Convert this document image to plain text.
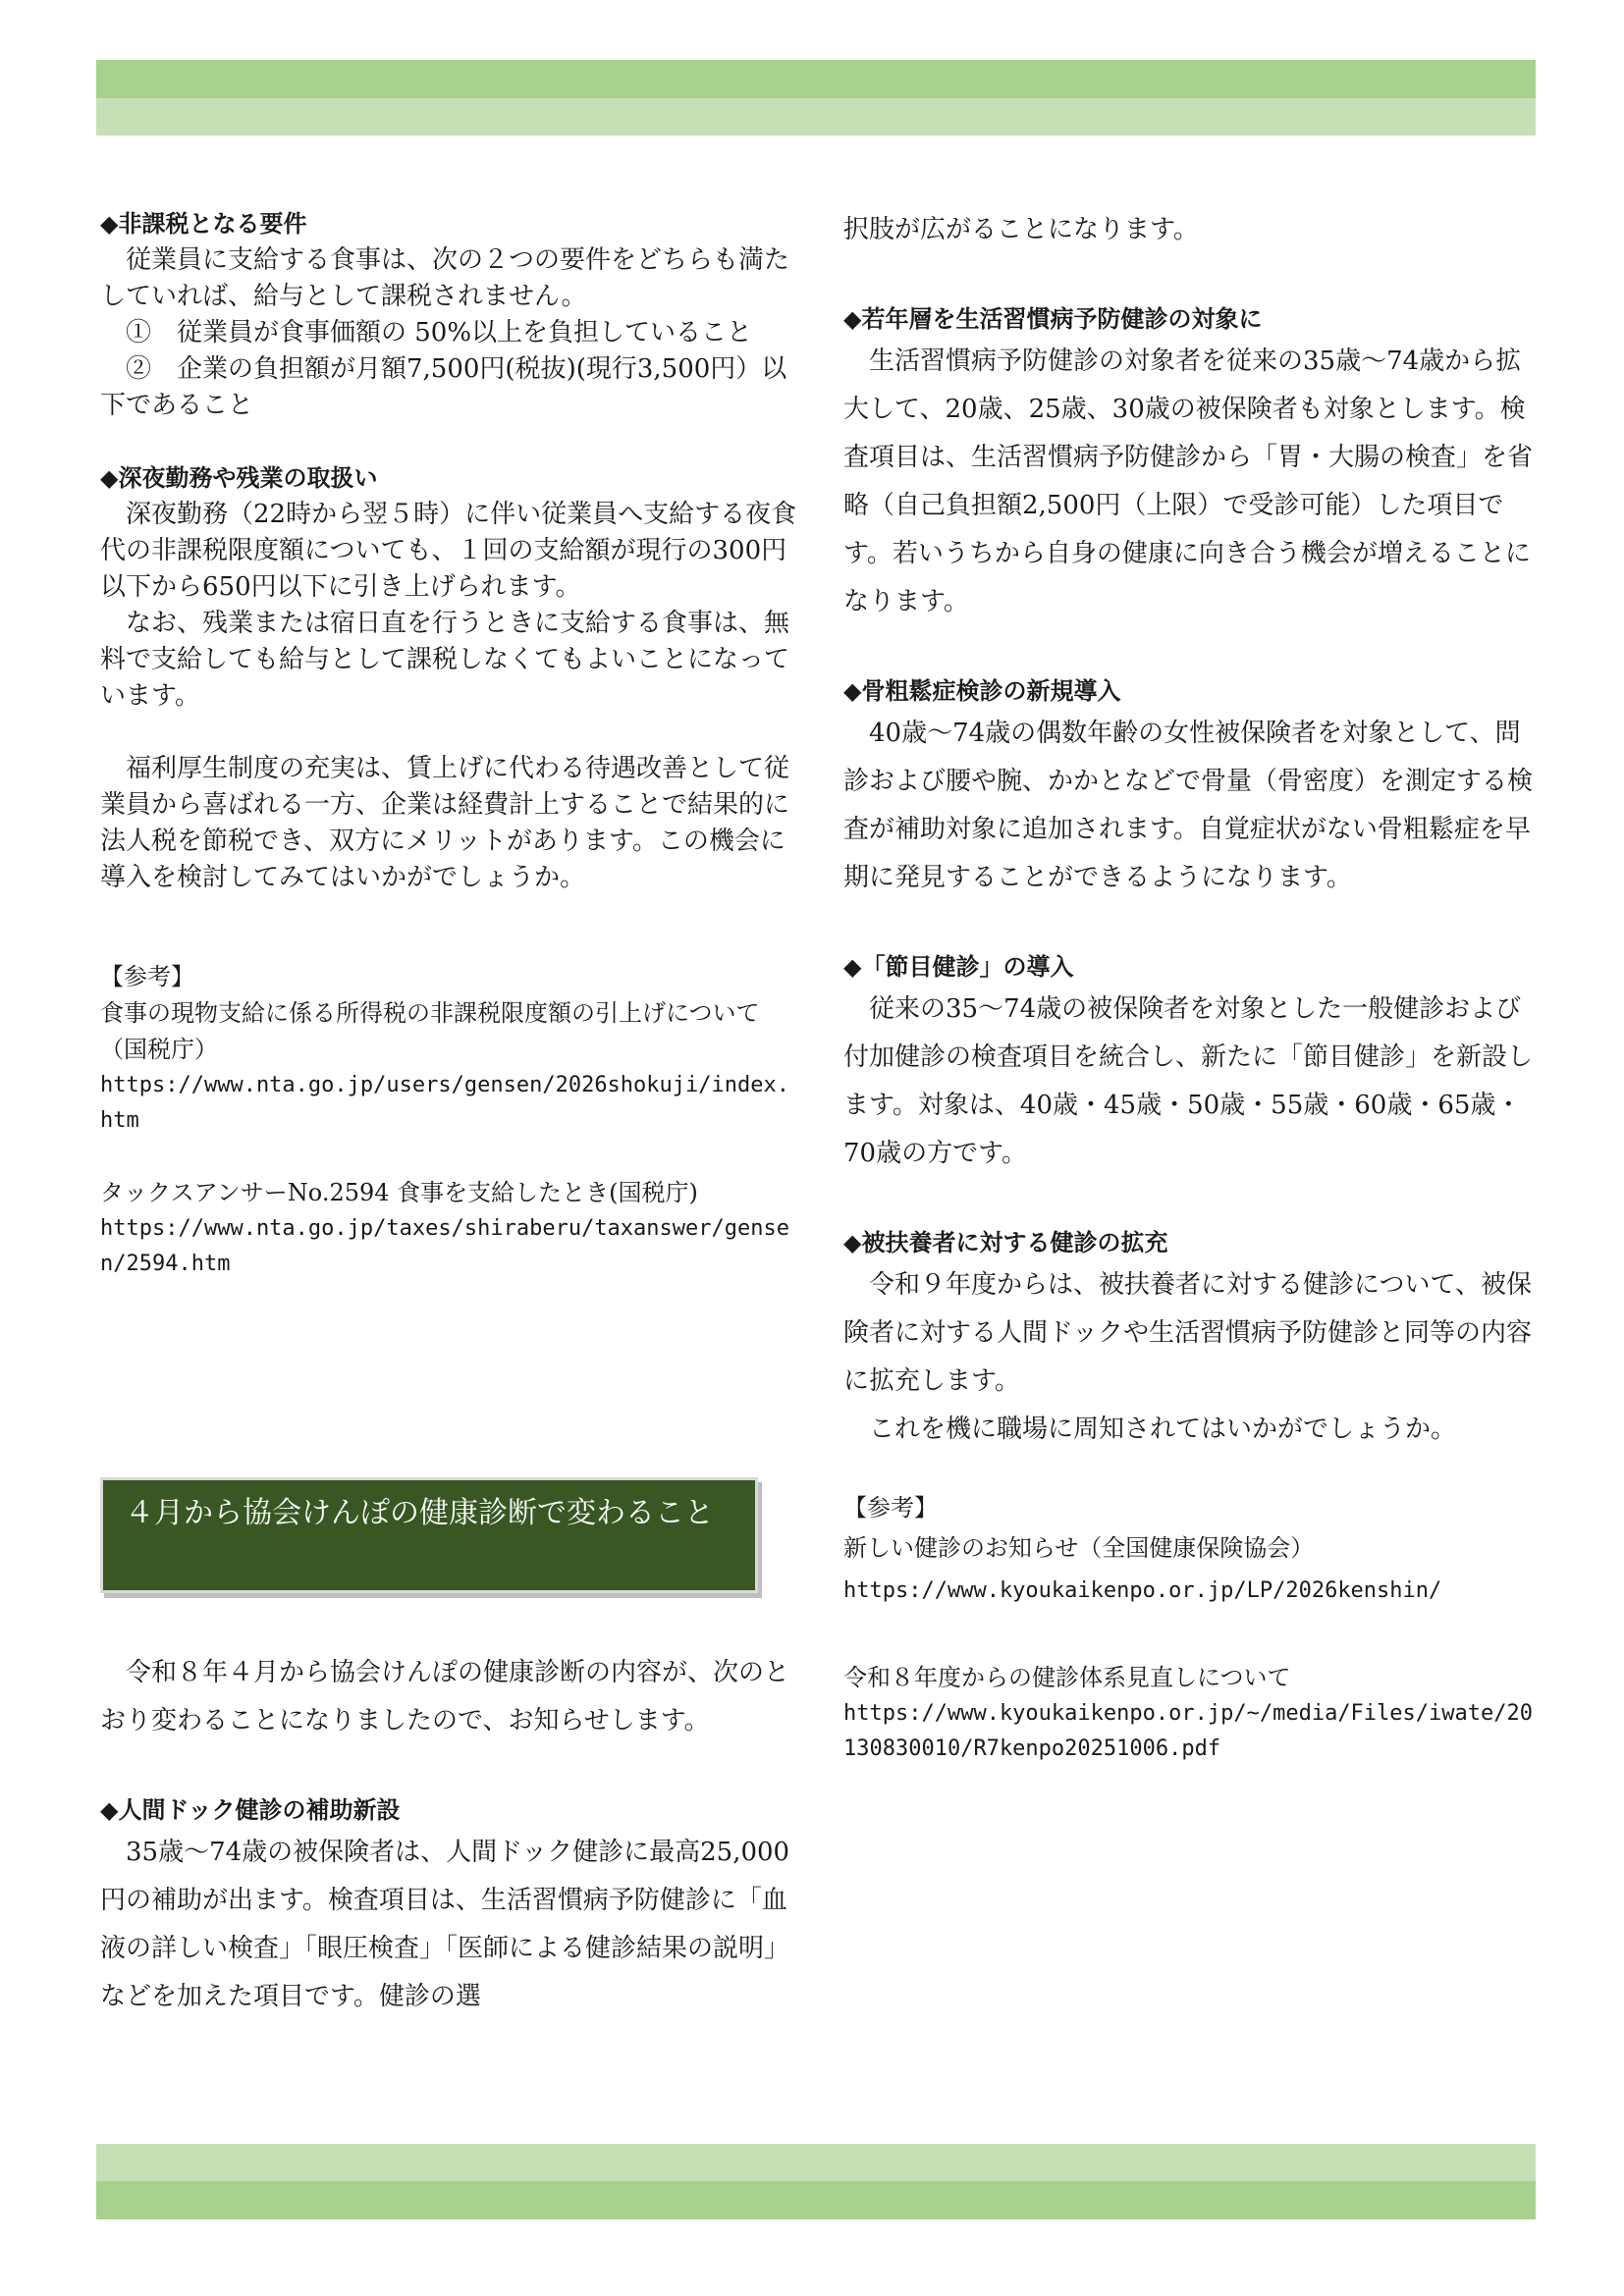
◆非課税となる要件

従業員に支給する食事は、次の２つの要件をどちらも満たしていれば、給与として課税されません。

①　従業員が食事価額の 50%以上を負担していること

②　企業の負担額が月額7,500円(税抜)(現行3,500円）以下であること

◆深夜勤務や残業の取扱い

深夜勤務（22時から翌５時）に伴い従業員へ支給する夜食代の非課税限度額についても、１回の支給額が現行の300円以下から650円以下に引き上げられます。

なお、残業または宿日直を行うときに支給する食事は、無料で支給しても給与として課税しなくてもよいことになっています。

福利厚生制度の充実は、賃上げに代わる待遇改善として従業員から喜ばれる一方、企業は経費計上することで結果的に法人税を節税でき、双方にメリットがあります。この機会に導入を検討してみてはいかがでしょうか。

【参考】

食事の現物支給に係る所得税の非課税限度額の引上げについて（国税庁）

https://www.nta.go.jp/users/gensen/2026shokuji/index.htm

タックスアンサーNo.2594 食事を支給したとき(国税庁)

https://www.nta.go.jp/taxes/shiraberu/taxanswer/gensen/2594.htm

４月から協会けんぽの健康診断で変わること

令和８年４月から協会けんぽの健康診断の内容が、次のとおり変わることになりましたので、お知らせします。

◆人間ドック健診の補助新設

35歳～74歳の被保険者は、人間ドック健診に最高25,000円の補助が出ます。検査項目は、生活習慣病予防健診に「血液の詳しい検査」「眼圧検査」「医師による健診結果の説明」などを加えた項目です。健診の選

択肢が広がることになります。

◆若年層を生活習慣病予防健診の対象に

生活習慣病予防健診の対象者を従来の35歳～74歳から拡大して、20歳、25歳、30歳の被保険者も対象とします。検査項目は、生活習慣病予防健診から「胃・大腸の検査」を省略（自己負担額2,500円（上限）で受診可能）した項目です。若いうちから自身の健康に向き合う機会が増えることになります。

◆骨粗鬆症検診の新規導入

40歳～74歳の偶数年齢の女性被保険者を対象として、問診および腰や腕、かかとなどで骨量（骨密度）を測定する検査が補助対象に追加されます。自覚症状がない骨粗鬆症を早期に発見することができるようになります。

◆「節目健診」の導入

従来の35～74歳の被保険者を対象とした一般健診および付加健診の検査項目を統合し、新たに「節目健診」を新設します。対象は、40歳・45歳・50歳・55歳・60歳・65歳・70歳の方です。

◆被扶養者に対する健診の拡充

令和９年度からは、被扶養者に対する健診について、被保険者に対する人間ドックや生活習慣病予防健診と同等の内容に拡充します。

これを機に職場に周知されてはいかがでしょうか。

【参考】

新しい健診のお知らせ（全国健康保険協会）

https://www.kyoukaikenpo.or.jp/LP/2026kenshin/

令和８年度からの健診体系見直しについて

https://www.kyoukaikenpo.or.jp/~/media/Files/iwate/20130830010/R7kenpo20251006.pdf
